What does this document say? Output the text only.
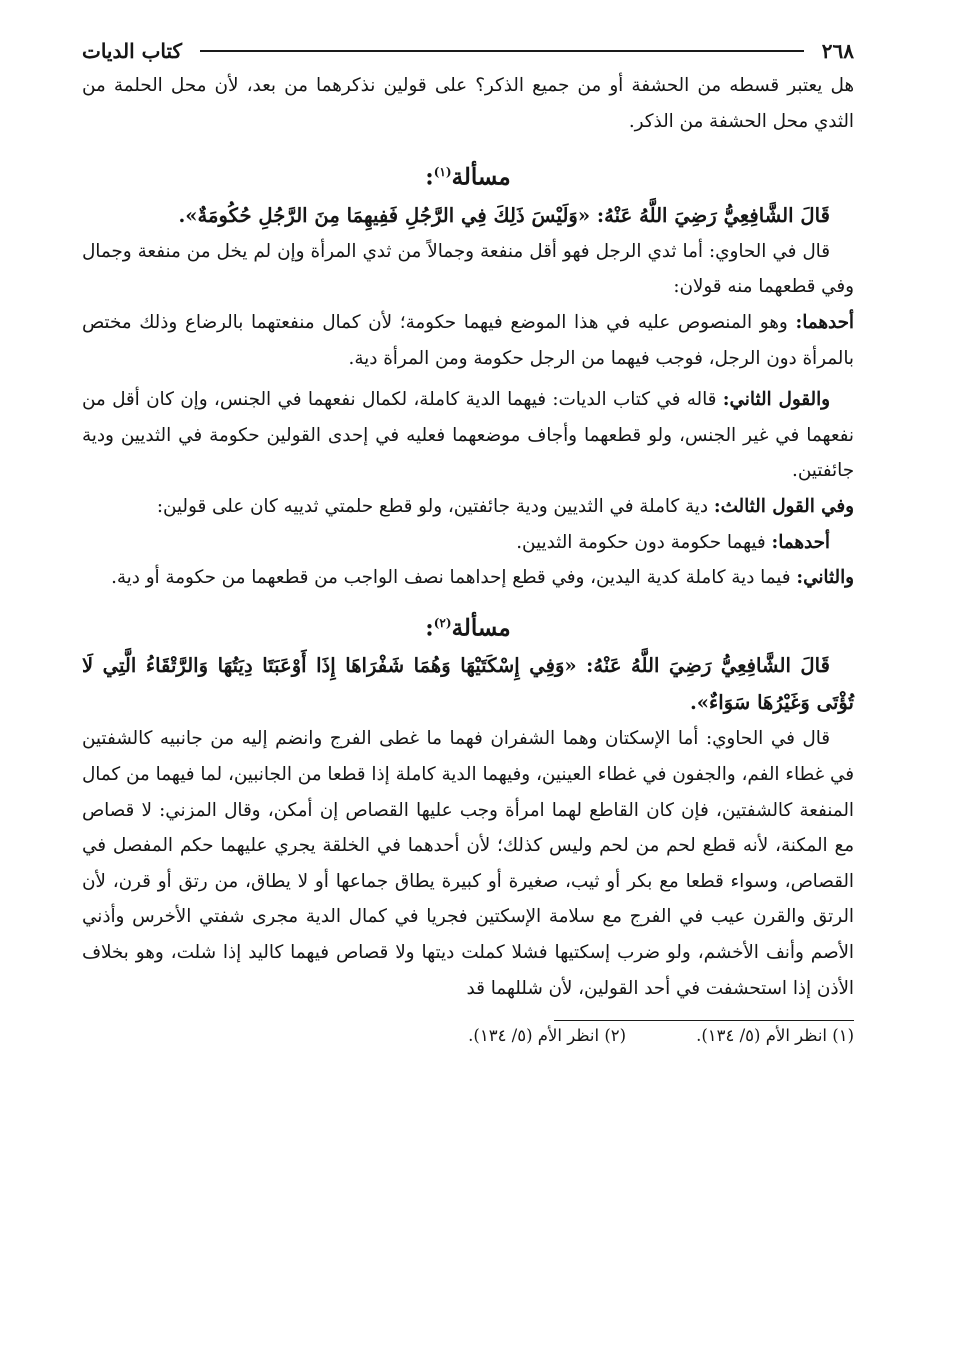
٢٦٨
كتاب الديات

هل يعتبر قسطه من الحشفة أو من جميع الذكر؟ على قولين نذكرهما من بعد، لأن محل الحلمة من الثدي محل الحشفة من الذكر.

مسألة$^{(١)}$:

قَالَ الشَّافِعِيُّ رَضِيَ اللَّهُ عَنْهُ: «وَلَيْسَ ذَلِكَ فِي الرَّجُلِ فَفِيهِمَا مِنَ الرَّجُلِ حُكُومَةٌ».

قال في الحاوي: أما ثدي الرجل فهو أقل منفعة وجمالاً من ثدي المرأة وإن لم يخل من منفعة وجمال وفي قطعهما منه قولان:

أحدهما: وهو المنصوص عليه في هذا الموضع فيهما حكومة؛ لأن كمال منفعتهما بالرضاع وذلك مختص بالمرأة دون الرجل، فوجب فيهما من الرجل حكومة ومن المرأة دية.

والقول الثاني: قاله في كتاب الديات: فيهما الدية كاملة، لكمال نفعهما في الجنس، وإن كان أقل من نفعهما في غير الجنس، ولو قطعهما وأجاف موضعهما فعليه في إحدى القولين حكومة في الثديين ودية جائفتين.

وفي القول الثالث: دية كاملة في الثديين ودية جائفتين، ولو قطع حلمتي ثدييه كان على قولين:

أحدهما: فيهما حكومة دون حكومة الثديين.

والثاني: فيما دية كاملة كدية اليدين، وفي قطع إحداهما نصف الواجب من قطعهما من حكومة أو دية.

مسألة$^{(٢)}$:

قَالَ الشَّافِعِيُّ رَضِيَ اللَّهُ عَنْهُ: «وَفِي إِسْكَتَيْهَا وَهُمَا شَفْرَاهَا إِذَا أَوْعَبَتَا دِيَتُهَا وَالرَّتْقَاءُ الَّتِي لَا تُؤْتَى وَغَيْرُهَا سَوَاءٌ».

قال في الحاوي: أما الإسكتان وهما الشفران فهما ما غطى الفرج وانضم إليه من جانبيه كالشفتين في غطاء الفم، والجفون في غطاء العينين، وفيهما الدية كاملة إذا قطعا من الجانبين، لما فيهما من كمال المنفعة كالشفتين، فإن كان القاطع لهما امرأة وجب عليها القصاص إن أمكن، وقال المزني: لا قصاص مع المكنة، لأنه قطع لحم من لحم وليس كذلك؛ لأن أحدهما في الخلقة يجري عليهما حكم المفصل في القصاص، وسواء قطعا مع بكر أو ثيب، صغيرة أو كبيرة يطاق جماعها أو لا يطاق، من رتق أو قرن، لأن الرتق والقرن عيب في الفرج مع سلامة الإسكتين فجريا في كمال الدية مجرى شفتي الأخرس وأذني الأصم وأنف الأخشم، ولو ضرب إسكتيها فشلا كملت ديتها ولا قصاص فيهما كاليد إذا شلت، وهو بخلاف الأذن إذا استحشفت في أحد القولين، لأن شللهما قد

(١) انظر الأم (٥/ ١٣٤).
(٢) انظر الأم (٥/ ١٣٤).
